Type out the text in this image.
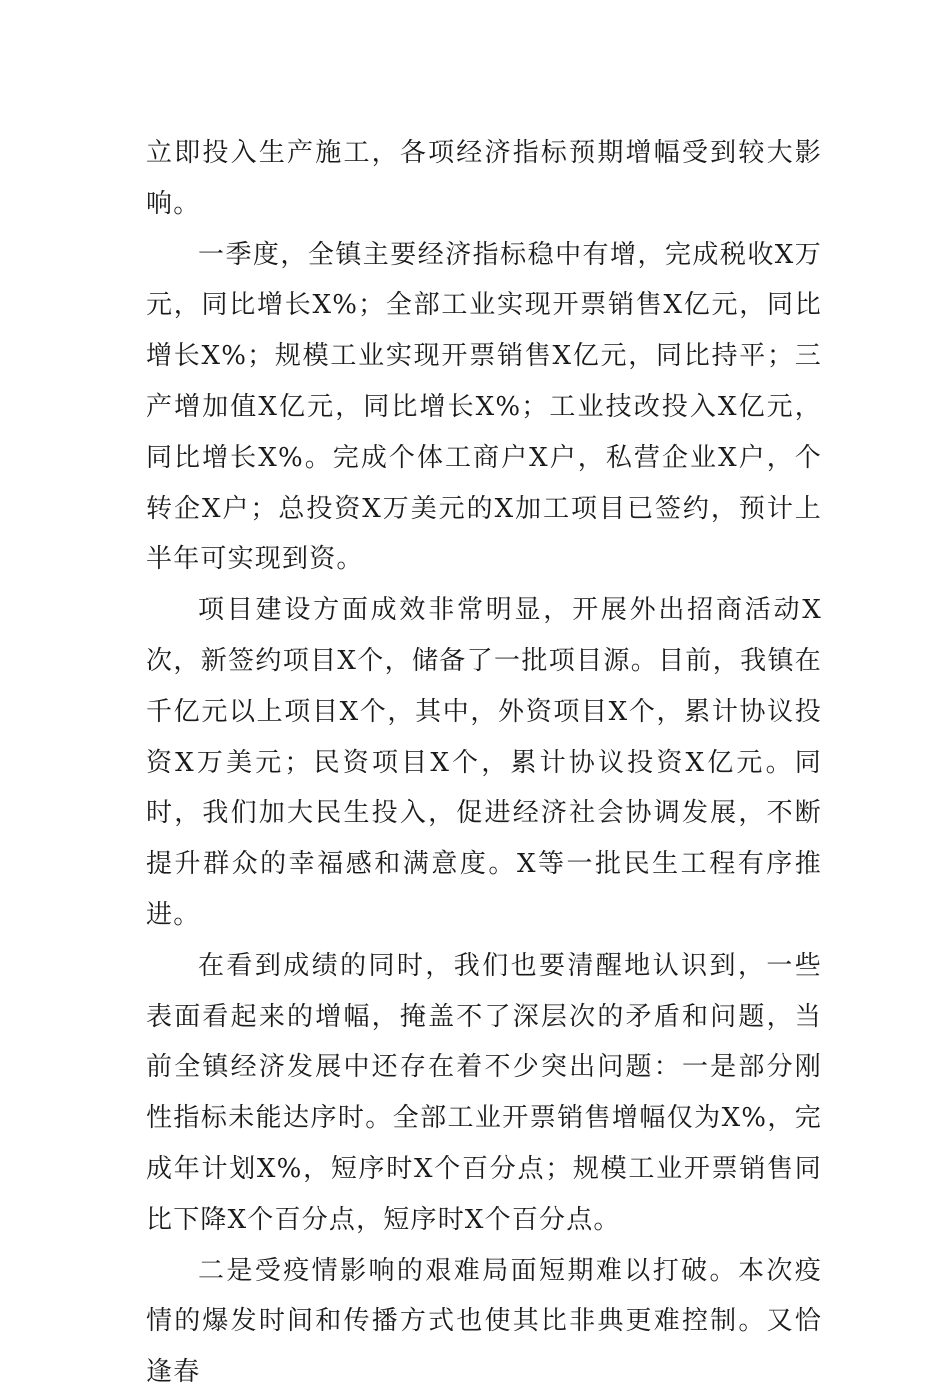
立即投入生产施工，各项经济指标预期增幅受到较大影响。

一季度，全镇主要经济指标稳中有增，完成税收X万元，同比增长X%；全部工业实现开票销售X亿元，同比增长X%；规模工业实现开票销售X亿元，同比持平；三产增加值X亿元，同比增长X%；工业技改投入X亿元，同比增长X%。完成个体工商户X户，私营企业X户，个转企X户；总投资X万美元的X加工项目已签约，预计上半年可实现到资。

项目建设方面成效非常明显，开展外出招商活动X次，新签约项目X个，储备了一批项目源。目前，我镇在千亿元以上项目X个，其中，外资项目X个，累计协议投资X万美元；民资项目X个，累计协议投资X亿元。同时，我们加大民生投入，促进经济社会协调发展，不断提升群众的幸福感和满意度。X等一批民生工程有序推进。

在看到成绩的同时，我们也要清醒地认识到，一些表面看起来的增幅，掩盖不了深层次的矛盾和问题，当前全镇经济发展中还存在着不少突出问题：一是部分刚性指标未能达序时。全部工业开票销售增幅仅为X%，完成年计划X%，短序时X个百分点；规模工业开票销售同比下降X个百分点，短序时X个百分点。

二是受疫情影响的艰难局面短期难以打破。本次疫情的爆发时间和传播方式也使其比非典更难控制。又恰逢春
